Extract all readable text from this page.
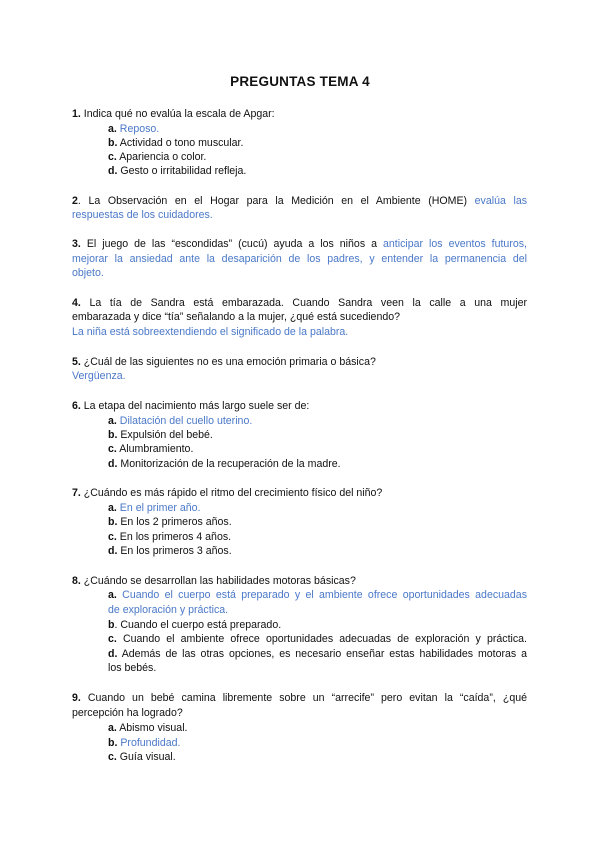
PREGUNTAS TEMA 4
1. Indica qué no evalúa la escala de Apgar:
a. Reposo.
b. Actividad o tono muscular.
c. Apariencia o color.
d. Gesto o irritabilidad refleja.
2. La Observación en el Hogar para la Medición en el Ambiente (HOME) evalúa las
respuestas de los cuidadores.
3. El juego de las “escondidas” (cucú) ayuda a los niños a anticipar los eventos futuros,
mejorar la ansiedad ante la desaparición de los padres, y entender la permanencia del
objeto.
4. La tía de Sandra está embarazada. Cuando Sandra veen la calle a una mujer
embarazada y dice “tía” señalando a la mujer, ¿qué está sucediendo?
La niña está sobreextendiendo el significado de la palabra.
5. ¿Cuál de las siguientes no es una emoción primaria o básica?
Vergüenza.
6. La etapa del nacimiento más largo suele ser de:
a. Dilatación del cuello uterino.
b. Expulsión del bebé.
c. Alumbramiento.
d. Monitorización de la recuperación de la madre.
7. ¿Cuándo es más rápido el ritmo del crecimiento físico del niño?
a. En el primer año.
b. En los 2 primeros años.
c. En los primeros 4 años.
d. En los primeros 3 años.
8. ¿Cuándo se desarrollan las habilidades motoras básicas?
a. Cuando el cuerpo está preparado y el ambiente ofrece oportunidades adecuadas
de exploración y práctica.
b. Cuando el cuerpo está preparado.
c. Cuando el ambiente ofrece oportunidades adecuadas de exploración y práctica.
d. Además de las otras opciones, es necesario enseñar estas habilidades motoras a
los bebés.
9. Cuando un bebé camina libremente sobre un “arrecife” pero evitan la “caída”, ¿qué
percepción ha logrado?
a. Abismo visual.
b. Profundidad.
c. Guía visual.
